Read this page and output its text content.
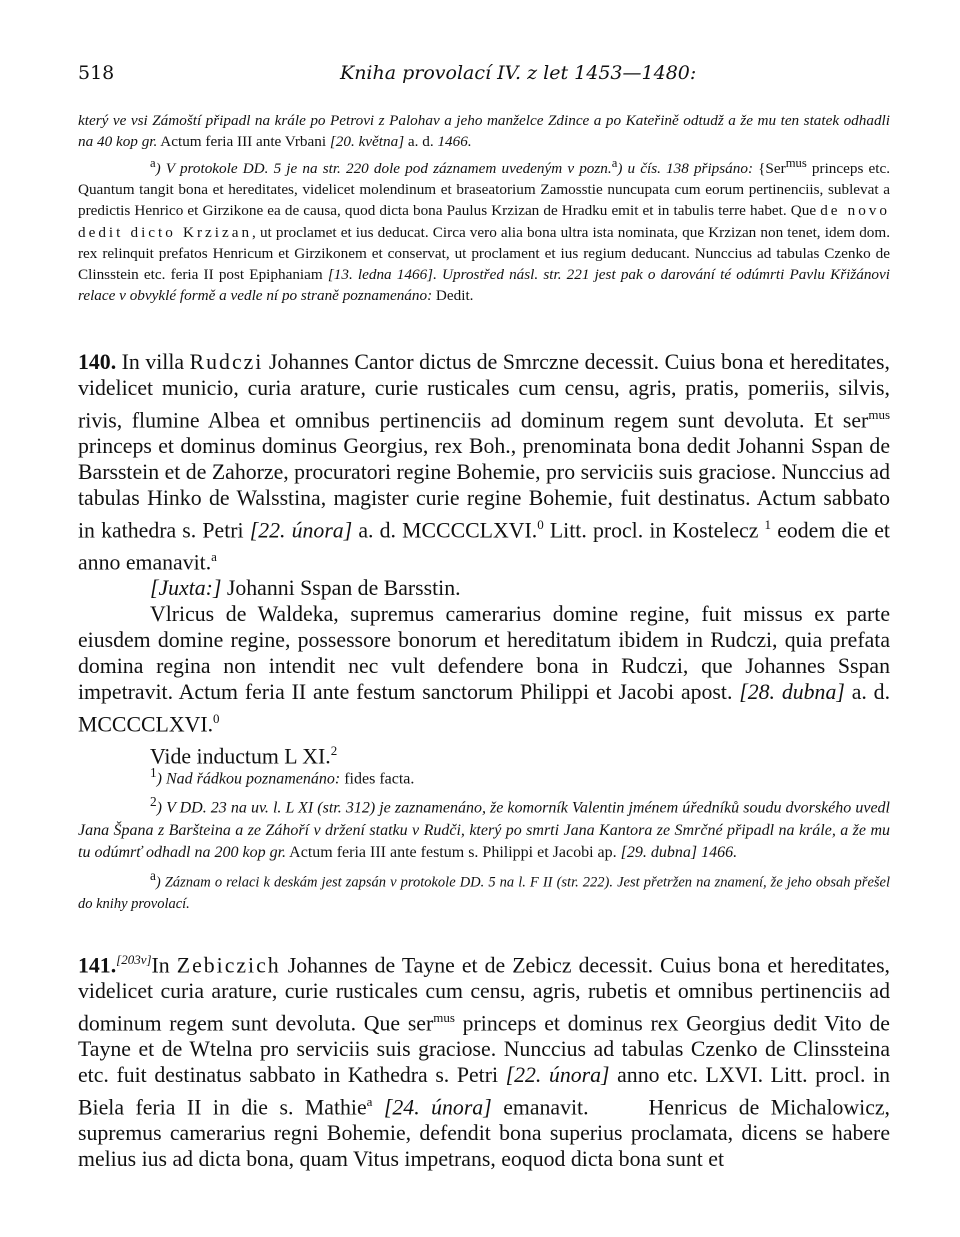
518	Kniha provolací IV. z let 1453—1480:
který ve vsi Zámoští připadl na krále po Petrovi z Palohav a jeho manželce Zdince a po Kateřině odtudž a že mu ten statek odhadli na 40 kop gr. Actum feria III ante Vrbani [20. května] a. d. 1466.
$^a$) V protokole DD. 5 je na str. 220 dole pod záznamem uvedeným v pozn.$^a$) u čís. 138 připsáno: {Ser$^{mus}$ princeps etc. Quantum tangit bona et hereditates, videlicet molendinum et braseatorium Zamosstie nuncupata cum eorum pertinenciis, sublevat a predictis Henrico et Girzikone ea de causa, quod dicta bona Paulus Krzizan de Hradku emit et in tabulis terre habet. Que de novo dedit dicto Krzizan, ut proclamet et ius deducat. Circa vero alia bona ultra ista nominata, que Krzizan non tenet, idem dom. rex relinquit prefatos Henricum et Girzikonem et conservat, ut proclament et ius regium deducant. Nunccius ad tabulas Czenko de Clinsstein etc. feria II post Epiphaniam [13. ledna 1466]. Uprostřed násl. str. 221 jest pak o darování té odúmrti Pavlu Křižánovi relace v obvyklé formě a vedle ní po straně poznamenáno: Dedit.
140. In villa Rudczi Johannes Cantor dictus de Smrczne decessit. Cuius bona et hereditates, videlicet municio, curia arature, curie rusticales cum censu, agris, pratis, pomeriis, silvis, rivis, flumine Albea et omnibus pertinenciis ad dominum regem sunt devoluta. Et ser$^{mus}$ princeps et dominus dominus Georgius, rex Boh., prenominata bona dedit Johanni Sspan de Barsstein et de Zahorze, procuratori regine Bohemie, pro serviciis suis graciose. Nunccius ad tabulas Hinko de Walsstina, magister curie regine Bohemie, fuit destinatus. Actum sabbato in kathedra s. Petri [22. února] a. d. MCCCCLXVI.$^0$ Litt. procl. in Kostelecz $^1$ eodem die et anno emanavit.$^a$
[Juxta:] Johanni Sspan de Barsstin.
Vlricus de Waldeka, supremus camerarius domine regine, fuit missus ex parte eiusdem domine regine, possessore bonorum et hereditatum ibidem in Rudczi, quia prefata domina regina non intendit nec vult defendere bona in Rudczi, que Johannes Sspan impetravit. Actum feria II ante festum sanctorum Philippi et Jacobi apost. [28. dubna] a. d. MCCCCLXVI.$^0$
Vide inductum L XI.$^2$
$^1$) Nad řádkou poznamenáno: fides facta.
$^2$) V DD. 23 na uv. l. L XI (str. 312) je zaznamenáno, že komorník Valentin jménem úředníků soudu dvorského uvedl Jana Špana z Baršteina a ze Záhoří v držení statku v Rudči, který po smrti Jana Kantora ze Smrčné připadl na krále, a že mu tu odúmrť odhadl na 200 kop gr. Actum feria III ante festum s. Philippi et Jacobi ap. [29. dubna] 1466.
$^a$) Záznam o relaci k deskám jest zapsán v protokole DD. 5 na l. F II (str. 222). Jest přetržen na znamení, že jeho obsah přešel do knihy provolací.
141.[203v]In Zebiczich Johannes de Tayne et de Zebicz decessit. Cuius bona et hereditates, videlicet curia arature, curie rusticales cum censu, agris, rubetis et omnibus pertinenciis ad dominum regem sunt devoluta. Que ser$^{mus}$ princeps et dominus rex Georgius dedit Vito de Tayne et de Wtelna pro serviciis suis graciose. Nunccius ad tabulas Czenko de Clinssteina etc. fuit destinatus sabbato in Kathedra s. Petri [22. února] anno etc. LXVI. Litt. procl. in Biela feria II in die s. Mathie$^a$ [24. února] emanavit.	Henricus de Michalowicz, supremus camerarius regni Bohemie, defendit bona superius proclamata, dicens se habere melius ius ad dicta bona, quam Vitus impetrans, eoquod dicta bona sunt et
